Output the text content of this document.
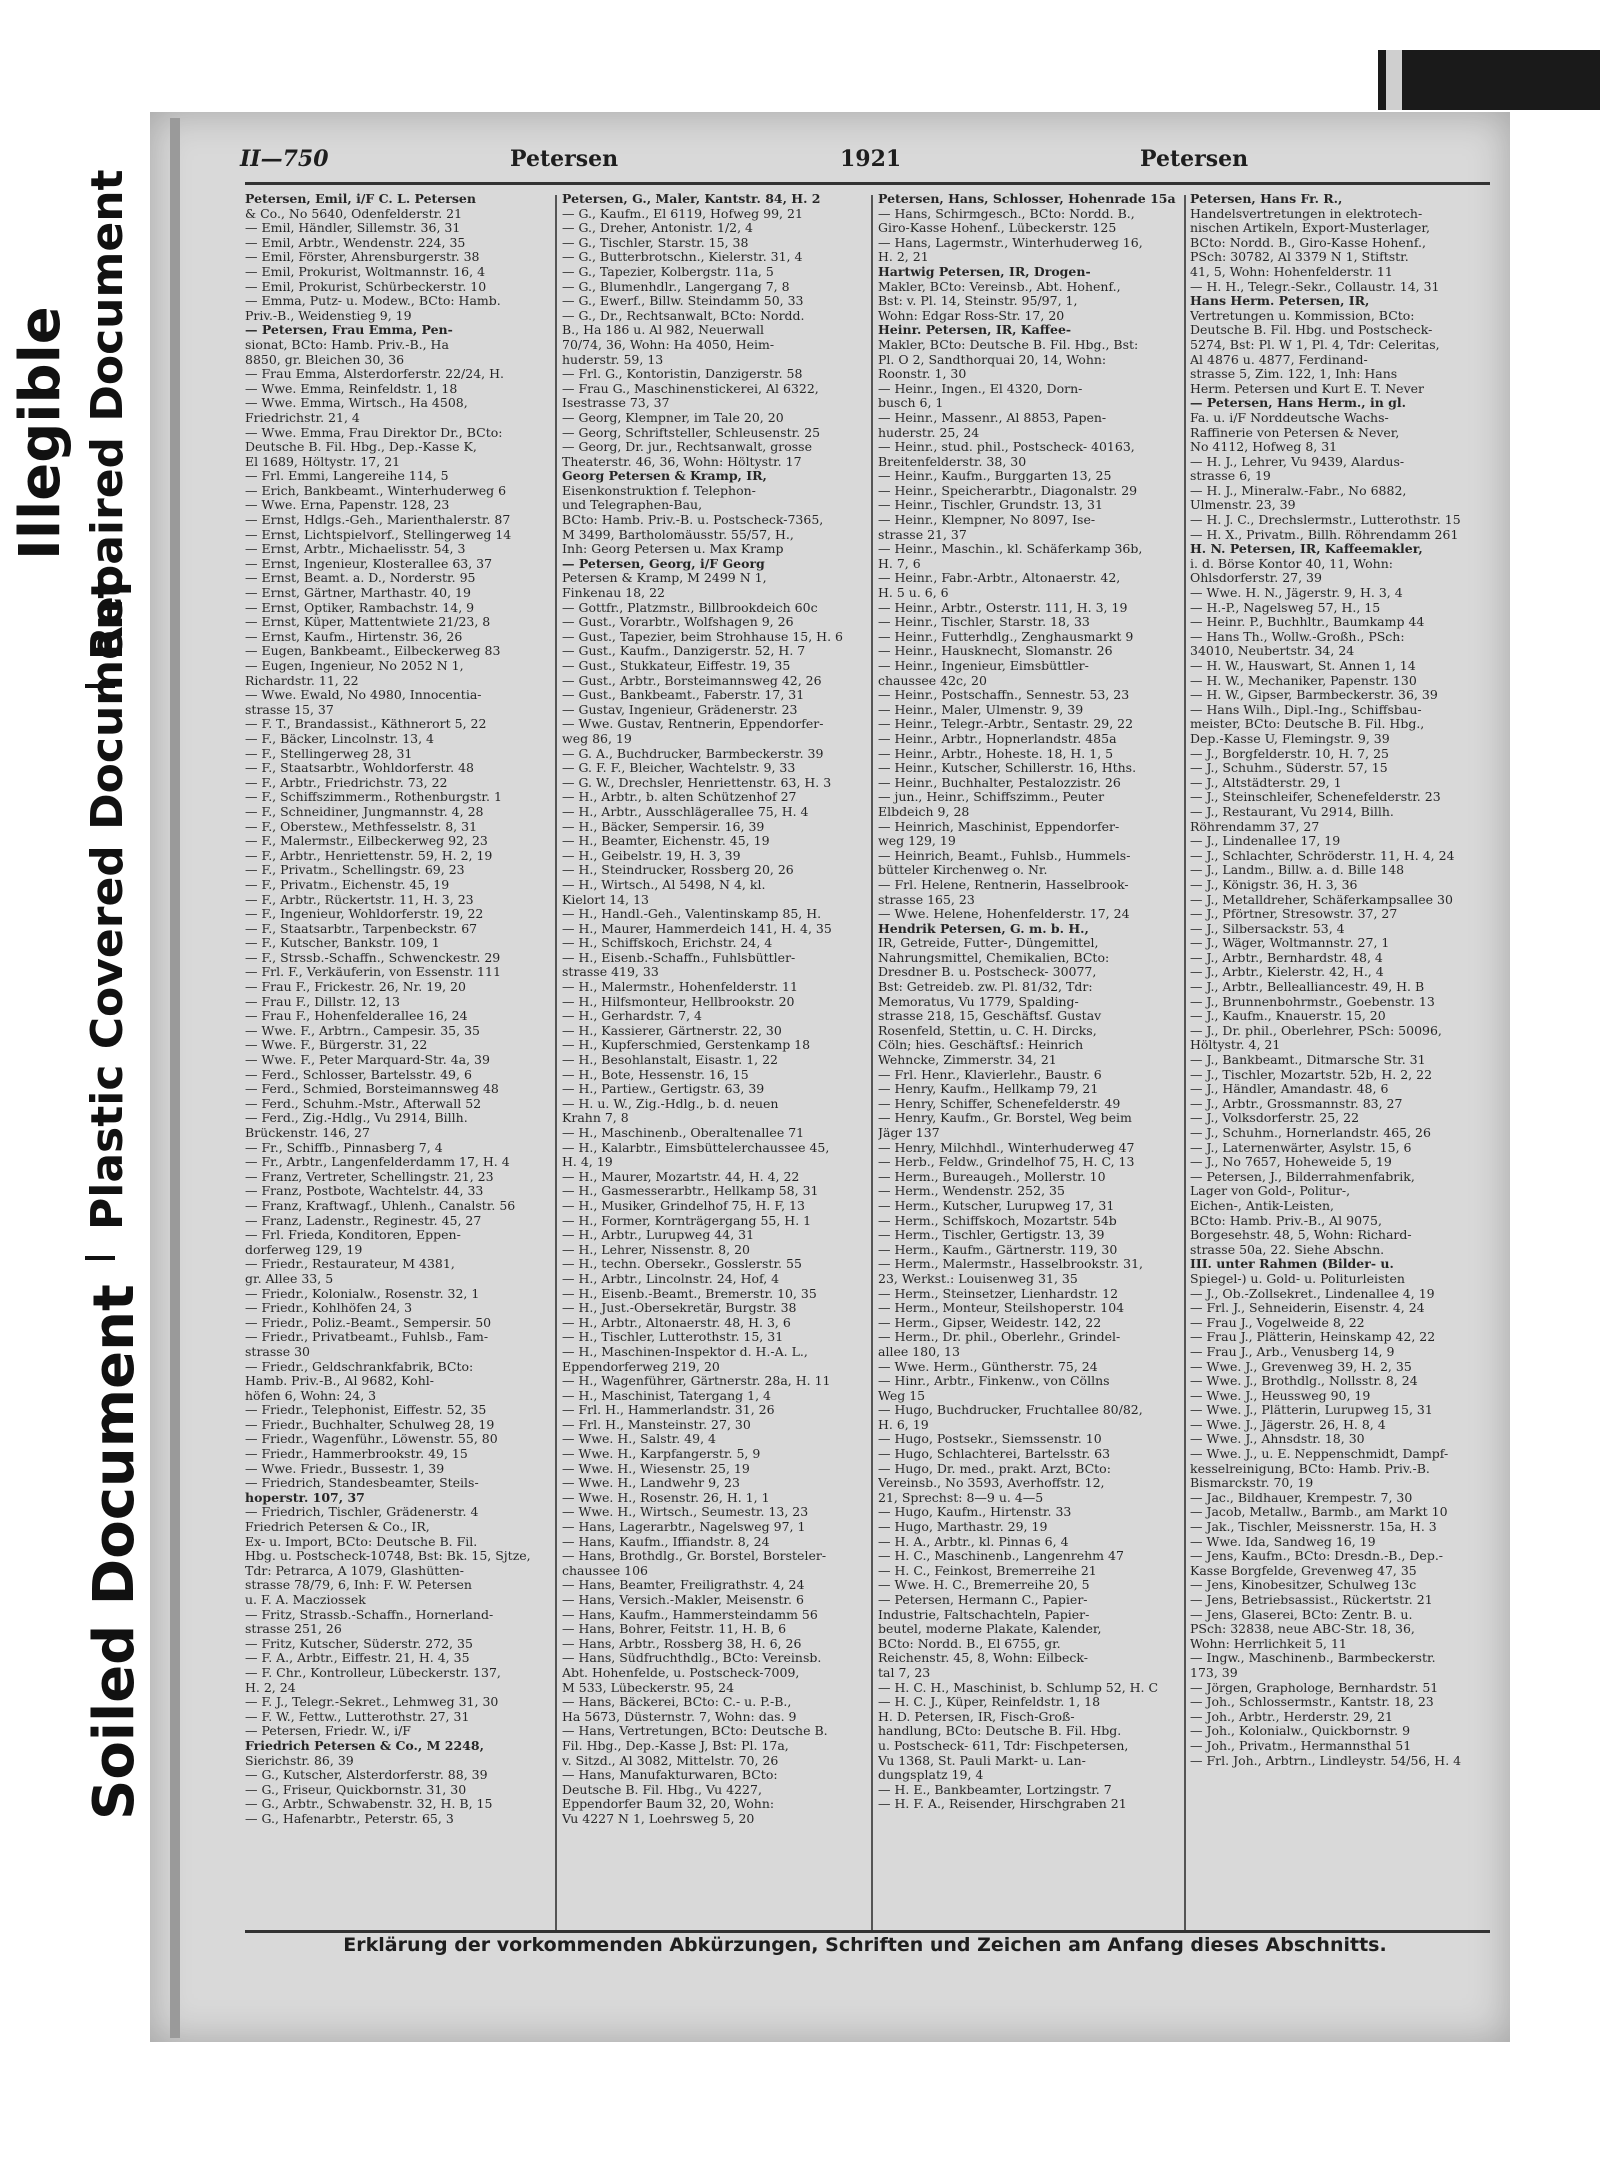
Illegible Repaired Document
Plastic Covered Document
Soiled Document
II—750	Petersen	1921	Petersen
Petersen, Emil, i/F C. L. Petersen
& Co., No 5640, Odenfelderstr. 21
— Emil, Händler, Sillemstr. 36, 31
— Emil, Arbtr., Wendenstr. 224, 35
— Emil, Förster, Ahrensburgerstr. 38
— Emil, Prokurist, Woltmannstr. 16, 4
— Emil, Prokurist, Schürbeckerstr. 10
— Emma, Putz- u. Modew., BCto: Hamb.
Priv.-B., Weidenstieg 9, 19
— Petersen, Frau Emma, Pen-
sionat, BCto: Hamb. Priv.-B., Ha
8850, gr. Bleichen 30, 36
— Frau Emma, Alsterdorferstr. 22/24, H.
— Wwe. Emma, Reinfeldstr. 1, 18
— Wwe. Emma, Wirtsch., Ha 4508,
Friedrichstr. 21, 4
— Wwe. Emma, Frau Direktor Dr., BCto:
Deutsche B. Fil. Hbg., Dep.-Kasse K,
El 1689, Höltystr. 17, 21
— Frl. Emmi, Langereihe 114, 5
— Erich, Bankbeamt., Winterhuderweg 6
— Wwe. Erna, Papenstr. 128, 23
— Ernst, Hdlgs.-Geh., Marienthalerstr. 87
— Ernst, Lichtspielvorf., Stellingerweg 14
— Ernst, Arbtr., Michaelisstr. 54, 3
— Ernst, Ingenieur, Klosterallee 63, 37
— Ernst, Beamt. a. D., Norderstr. 95
— Ernst, Gärtner, Marthastr. 40, 19
— Ernst, Optiker, Rambachstr. 14, 9
— Ernst, Küper, Mattentwiete 21/23, 8
— Ernst, Kaufm., Hirtenstr. 36, 26
— Eugen, Bankbeamt., Eilbeckerweg 83
— Eugen, Ingenieur, No 2052 N 1,
Richardstr. 11, 22
— Wwe. Ewald, No 4980, Innocentia-
strasse 15, 37
— F. T., Brandassist., Käthnerort 5, 22
— F., Bäcker, Lincolnstr. 13, 4
— F., Stellingerweg 28, 31
— F., Staatsarbtr., Wohldorferstr. 48
— F., Arbtr., Friedrichstr. 73, 22
— F., Schiffszimmerm., Rothenburgstr. 1
— F., Schneidiner, Jungmannstr. 4, 28
— F., Oberstew., Methfesselstr. 8, 31
— F., Malermstr., Eilbeckerweg 92, 23
— F., Arbtr., Henriettenstr. 59, H. 2, 19
— F., Privatm., Schellingstr. 69, 23
— F., Privatm., Eichenstr. 45, 19
— F., Arbtr., Rückertstr. 11, H. 3, 23
— F., Ingenieur, Wohldorferstr. 19, 22
— F., Staatsarbtr., Tarpenbeckstr. 67
— F., Kutscher, Bankstr. 109, 1
— F., Strssb.-Schaffn., Schwenckestr. 29
— Frl. F., Verkäuferin, von Essenstr. 111
— Frau F., Frickestr. 26, Nr. 19, 20
— Frau F., Dillstr. 12, 13
— Frau F., Hohenfelderallee 16, 24
— Wwe. F., Arbtrn., Campesir. 35, 35
— Wwe. F., Bürgerstr. 31, 22
— Wwe. F., Peter Marquard-Str. 4a, 39
— Ferd., Schlosser, Bartelsstr. 49, 6
— Ferd., Schmied, Borsteimannsweg 48
— Ferd., Schuhm.-Mstr., Afterwall 52
— Ferd., Zig.-Hdlg., Vu 2914, Billh.
Brückenstr. 146, 27
— Fr., Schiffb., Pinnasberg 7, 4
— Fr., Arbtr., Langenfelderdamm 17, H. 4
— Franz, Vertreter, Schellingstr. 21, 23
— Franz, Postbote, Wachtelstr. 44, 33
— Franz, Kraftwagf., Uhlenh., Canalstr. 56
— Franz, Ladenstr., Reginestr. 45, 27
— Frl. Frieda, Konditoren, Eppen-
dorferweg 129, 19
— Friedr., Restaurateur, M 4381,
gr. Allee 33, 5
— Friedr., Kolonialw., Rosenstr. 32, 1
— Friedr., Kohlhöfen 24, 3
— Friedr., Poliz.-Beamt., Sempersir. 50
— Friedr., Privatbeamt., Fuhlsb., Fam-
strasse 30
— Friedr., Geldschrankfabrik, BCto:
Hamb. Priv.-B., Al 9682, Kohl-
höfen 6, Wohn: 24, 3
— Friedr., Telephonist, Eiffestr. 52, 35
— Friedr., Buchhalter, Schulweg 28, 19
— Friedr., Wagenführ., Löwenstr. 55, 80
— Friedr., Hammerbrookstr. 49, 15
— Wwe. Friedr., Bussestr. 1, 39
— Friedrich, Standesbeamter, Steils-
hoperstr. 107, 37
— Friedrich, Tischler, Grädenerstr. 4
Friedrich Petersen & Co., IR,
Ex- u. Import, BCto: Deutsche B. Fil.
Hbg. u. Postscheck-10748, Bst: Bk. 15, Sjtze,
Tdr: Petrarca, A 1079, Glashütten-
strasse 78/79, 6, Inh: F. W. Petersen
u. F. A. Macziossek
— Fritz, Strassb.-Schaffn., Hornerland-
strasse 251, 26
— Fritz, Kutscher, Süderstr. 272, 35
— F. A., Arbtr., Eiffestr. 21, H. 4, 35
— F. Chr., Kontrolleur, Lübeckerstr. 137,
H. 2, 24
— F. J., Telegr.-Sekret., Lehmweg 31, 30
— F. W., Fettw., Lutterothstr. 27, 31
— Petersen, Friedr. W., i/F
Friedrich Petersen & Co., M 2248,
Sierichstr. 86, 39
— G., Kutscher, Alsterdorferstr. 88, 39
— G., Friseur, Quickbornstr. 31, 30
— G., Arbtr., Schwabenstr. 32, H. B, 15
— G., Hafenarbtr., Peterstr. 65, 3
Petersen, G., Maler, Kantstr. 84, H. 2
— G., Kaufm., El 6119, Hofweg 99, 21
— G., Dreher, Antonistr. 1/2, 4
— G., Tischler, Starstr. 15, 38
— G., Butterbrotschn., Kielerstr. 31, 4
— G., Tapezier, Kolbergstr. 11a, 5
— G., Blumenhdlr., Langergang 7, 8
— G., Ewerf., Billw. Steindamm 50, 33
— G., Dr., Rechtsanwalt, BCto: Nordd.
B., Ha 186 u. Al 982, Neuerwall
70/74, 36, Wohn: Ha 4050, Heim-
huderstr. 59, 13
— Frl. G., Kontoristin, Danzigerstr. 58
— Frau G., Maschinenstickerei, Al 6322,
Isestrasse 73, 37
— Georg, Klempner, im Tale 20, 20
— Georg, Schriftsteller, Schleusenstr. 25
— Georg, Dr. jur., Rechtsanwalt, grosse
Theaterstr. 46, 36, Wohn: Höltystr. 17
Georg Petersen & Kramp, IR,
Eisenkonstruktion f. Telephon-
und Telegraphen-Bau,
BCto: Hamb. Priv.-B. u. Postscheck-7365,
M 3499, Bartholomäusstr. 55/57, H.,
Inh: Georg Petersen u. Max Kramp
— Petersen, Georg, i/F Georg
Petersen & Kramp, M 2499 N 1,
Finkenau 18, 22
— Gottfr., Platzmstr., Billbrookdeich 60c
— Gust., Vorarbtr., Wolfshagen 9, 26
— Gust., Tapezier, beim Strohhause 15, H. 6
— Gust., Kaufm., Danzigerstr. 52, H. 7
— Gust., Stukkateur, Eiffestr. 19, 35
— Gust., Arbtr., Borsteimannsweg 42, 26
— Gust., Bankbeamt., Faberstr. 17, 31
— Gustav, Ingenieur, Grädenerstr. 23
— Wwe. Gustav, Rentnerin, Eppendorfer-
weg 86, 19
— G. A., Buchdrucker, Barmbeckerstr. 39
— G. F. F., Bleicher, Wachtelstr. 9, 33
— G. W., Drechsler, Henriettenstr. 63, H. 3
— H., Arbtr., b. alten Schützenhof 27
— H., Arbtr., Ausschlägerallee 75, H. 4
— H., Bäcker, Sempersir. 16, 39
— H., Beamter, Eichenstr. 45, 19
— H., Geibelstr. 19, H. 3, 39
— H., Steindrucker, Rossberg 20, 26
— H., Wirtsch., Al 5498, N 4, kl.
Kielort 14, 13
— H., Handl.-Geh., Valentinskamp 85, H.
— H., Maurer, Hammerdeich 141, H. 4, 35
— H., Schiffskoch, Erichstr. 24, 4
— H., Eisenb.-Schaffn., Fuhlsbüttler-
strasse 419, 33
— H., Malermstr., Hohenfelderstr. 11
— H., Hilfsmonteur, Hellbrookstr. 20
— H., Gerhardstr. 7, 4
— H., Kassierer, Gärtnerstr. 22, 30
— H., Kupferschmied, Gerstenkamp 18
— H., Besohlanstalt, Eisastr. 1, 22
— H., Bote, Hessenstr. 16, 15
— H., Partiew., Gertigstr. 63, 39
— H. u. W., Zig.-Hdlg., b. d. neuen
Krahn 7, 8
— H., Maschinenb., Oberaltenallee 71
— H., Kalarbtr., Eimsbüttelerchaussee 45,
H. 4, 19
— H., Maurer, Mozartstr. 44, H. 4, 22
— H., Gasmesserarbtr., Hellkamp 58, 31
— H., Musiker, Grindelhof 75, H. F, 13
— H., Former, Kornträgergang 55, H. 1
— H., Arbtr., Lurupweg 44, 31
— H., Lehrer, Nissenstr. 8, 20
— H., techn. Obersekr., Gosslerstr. 55
— H., Arbtr., Lincolnstr. 24, Hof, 4
— H., Eisenb.-Beamt., Bremerstr. 10, 35
— H., Just.-Obersekretär, Burgstr. 38
— H., Arbtr., Altonaerstr. 48, H. 3, 6
— H., Tischler, Lutterothstr. 15, 31
— H., Maschinen-Inspektor d. H.-A. L.,
Eppendorferweg 219, 20
— H., Wagenführer, Gärtnerstr. 28a, H. 11
— H., Maschinist, Tatergang 1, 4
— Frl. H., Hammerlandstr. 31, 26
— Frl. H., Mansteinstr. 27, 30
— Wwe. H., Salstr. 49, 4
— Wwe. H., Karpfangerstr. 5, 9
— Wwe. H., Wiesenstr. 25, 19
— Wwe. H., Landwehr 9, 23
— Wwe. H., Rosenstr. 26, H. 1, 1
— Wwe. H., Wirtsch., Seumestr. 13, 23
— Hans, Lagerarbtr., Nagelsweg 97, 1
— Hans, Kaufm., Iffiandstr. 8, 24
— Hans, Brothdlg., Gr. Borstel, Borsteler-
chaussee 106
— Hans, Beamter, Freiligrathstr. 4, 24
— Hans, Versich.-Makler, Meisenstr. 6
— Hans, Kaufm., Hammersteindamm 56
— Hans, Bohrer, Feitstr. 11, H. B, 6
— Hans, Arbtr., Rossberg 38, H. 6, 26
— Hans, Südfruchthdlg., BCto: Vereinsb.
Abt. Hohenfelde, u. Postscheck-7009,
M 533, Lübeckerstr. 95, 24
— Hans, Bäckerei, BCto: C.- u. P.-B.,
Ha 5673, Düsternstr. 7, Wohn: das. 9
— Hans, Vertretungen, BCto: Deutsche B.
Fil. Hbg., Dep.-Kasse J, Bst: Pl. 17a,
v. Sitzd., Al 3082, Mittelstr. 70, 26
— Hans, Manufakturwaren, BCto:
Deutsche B. Fil. Hbg., Vu 4227,
Eppendorfer Baum 32, 20, Wohn:
Vu 4227 N 1, Loehrsweg 5, 20
Petersen, Hans, Schlosser, Hohenrade 15a
— Hans, Schirmgesch., BCto: Nordd. B.,
Giro-Kasse Hohenf., Lübeckerstr. 125
— Hans, Lagermstr., Winterhuderweg 16,
H. 2, 21
Hartwig Petersen, IR, Drogen-
Makler, BCto: Vereinsb., Abt. Hohenf.,
Bst: v. Pl. 14, Steinstr. 95/97, 1,
Wohn: Edgar Ross-Str. 17, 20
Heinr. Petersen, IR, Kaffee-
Makler, BCto: Deutsche B. Fil. Hbg., Bst:
Pl. O 2, Sandthorquai 20, 14, Wohn:
Roonstr. 1, 30
— Heinr., Ingen., El 4320, Dorn-
busch 6, 1
— Heinr., Massenr., Al 8853, Papen-
huderstr. 25, 24
— Heinr., stud. phil., Postscheck- 40163,
Breitenfelderstr. 38, 30
— Heinr., Kaufm., Burggarten 13, 25
— Heinr., Speicherarbtr., Diagonalstr. 29
— Heinr., Tischler, Grundstr. 13, 31
— Heinr., Klempner, No 8097, Ise-
strasse 21, 37
— Heinr., Maschin., kl. Schäferkamp 36b,
H. 7, 6
— Heinr., Fabr.-Arbtr., Altonaerstr. 42,
H. 5 u. 6, 6
— Heinr., Arbtr., Osterstr. 111, H. 3, 19
— Heinr., Tischler, Starstr. 18, 33
— Heinr., Futterhdlg., Zenghausmarkt 9
— Heinr., Hausknecht, Slomanstr. 26
— Heinr., Ingenieur, Eimsbüttler-
chaussee 42c, 20
— Heinr., Postschaffn., Sennestr. 53, 23
— Heinr., Maler, Ulmenstr. 9, 39
— Heinr., Telegr.-Arbtr., Sentastr. 29, 22
— Heinr., Arbtr., Hopnerlandstr. 485a
— Heinr., Arbtr., Hoheste. 18, H. 1, 5
— Heinr., Kutscher, Schillerstr. 16, Hths.
— Heinr., Buchhalter, Pestalozzistr. 26
— jun., Heinr., Schiffszimm., Peuter
Elbdeich 9, 28
— Heinrich, Maschinist, Eppendorfer-
weg 129, 19
— Heinrich, Beamt., Fuhlsb., Hummels-
bütteler Kirchenweg o. Nr.
— Frl. Helene, Rentnerin, Hasselbrook-
strasse 165, 23
— Wwe. Helene, Hohenfelderstr. 17, 24
Hendrik Petersen, G. m. b. H.,
IR, Getreide, Futter-, Düngemittel,
Nahrungsmittel, Chemikalien, BCto:
Dresdner B. u. Postscheck- 30077,
Bst: Getreideb. zw. Pl. 81/32, Tdr:
Memoratus, Vu 1779, Spalding-
strasse 218, 15, Geschäftsf. Gustav
Rosenfeld, Stettin, u. C. H. Dircks,
Cöln; hies. Geschäftsf.: Heinrich
Wehncke, Zimmerstr. 34, 21
— Frl. Henr., Klavierlehr., Baustr. 6
— Henry, Kaufm., Hellkamp 79, 21
— Henry, Schiffer, Schenefelderstr. 49
— Henry, Kaufm., Gr. Borstel, Weg beim
Jäger 137
— Henry, Milchhdl., Winterhuderweg 47
— Herb., Feldw., Grindelhof 75, H. C, 13
— Herm., Bureaugeh., Mollerstr. 10
— Herm., Wendenstr. 252, 35
— Herm., Kutscher, Lurupweg 17, 31
— Herm., Schiffskoch, Mozartstr. 54b
— Herm., Tischler, Gertigstr. 13, 39
— Herm., Kaufm., Gärtnerstr. 119, 30
— Herm., Malermstr., Hasselbrookstr. 31,
23, Werkst.: Louisenweg 31, 35
— Herm., Steinsetzer, Lienhardstr. 12
— Herm., Monteur, Steilshoperstr. 104
— Herm., Gipser, Weidestr. 142, 22
— Herm., Dr. phil., Oberlehr., Grindel-
allee 180, 13
— Wwe. Herm., Güntherstr. 75, 24
— Hinr., Arbtr., Finkenw., von Cöllns
Weg 15
— Hugo, Buchdrucker, Fruchtallee 80/82,
H. 6, 19
— Hugo, Postsekr., Siemssenstr. 10
— Hugo, Schlachterei, Bartelsstr. 63
— Hugo, Dr. med., prakt. Arzt, BCto:
Vereinsb., No 3593, Averhoffstr. 12,
21, Sprechst: 8—9 u. 4—5
— Hugo, Kaufm., Hirtenstr. 33
— Hugo, Marthastr. 29, 19
— H. A., Arbtr., kl. Pinnas 6, 4
— H. C., Maschinenb., Langenrehm 47
— H. C., Feinkost, Bremerreihe 21
— Wwe. H. C., Bremerreihe 20, 5
— Petersen, Hermann C., Papier-
Industrie, Faltschachteln, Papier-
beutel, moderne Plakate, Kalender,
BCto: Nordd. B., El 6755, gr.
Reichenstr. 45, 8, Wohn: Eilbeck-
tal 7, 23
— H. C. H., Maschinist, b. Schlump 52, H. C
— H. C. J., Küper, Reinfeldstr. 1, 18
H. D. Petersen, IR, Fisch-Groß-
handlung, BCto: Deutsche B. Fil. Hbg.
u. Postscheck- 611, Tdr: Fischpetersen,
Vu 1368, St. Pauli Markt- u. Lan-
dungsplatz 19, 4
— H. E., Bankbeamter, Lortzingstr. 7
— H. F. A., Reisender, Hirschgraben 21
Petersen, Hans Fr. R.,
Handelsvertretungen in elektrotech-
nischen Artikeln, Export-Musterlager,
BCto: Nordd. B., Giro-Kasse Hohenf.,
PSch: 30782, Al 3379 N 1, Stiftstr.
41, 5, Wohn: Hohenfelderstr. 11
— H. H., Telegr.-Sekr., Collaustr. 14, 31
Hans Herm. Petersen, IR,
Vertretungen u. Kommission, BCto:
Deutsche B. Fil. Hbg. und Postscheck-
5274, Bst: Pl. W 1, Pl. 4, Tdr: Celeritas,
Al 4876 u. 4877, Ferdinand-
strasse 5, Zim. 122, 1, Inh: Hans
Herm. Petersen und Kurt E. T. Never
— Petersen, Hans Herm., in gl.
Fa. u. i/F Norddeutsche Wachs-
Raffinerie von Petersen & Never,
No 4112, Hofweg 8, 31
— H. J., Lehrer, Vu 9439, Alardus-
strasse 6, 19
— H. J., Mineralw.-Fabr., No 6882,
Ulmenstr. 23, 39
— H. J. C., Drechslermstr., Lutterothstr. 15
— H. X., Privatm., Billh. Röhrendamm 261
H. N. Petersen, IR, Kaffeemakler,
i. d. Börse Kontor 40, 11, Wohn:
Ohlsdorferstr. 27, 39
— Wwe. H. N., Jägerstr. 9, H. 3, 4
— H.-P., Nagelsweg 57, H., 15
— Heinr. P., Buchhltr., Baumkamp 44
— Hans Th., Wollw.-Großh., PSch:
34010, Neubertstr. 34, 24
— H. W., Hauswart, St. Annen 1, 14
— H. W., Mechaniker, Papenstr. 130
— H. W., Gipser, Barmbeckerstr. 36, 39
— Hans Wilh., Dipl.-Ing., Schiffsbau-
meister, BCto: Deutsche B. Fil. Hbg.,
Dep.-Kasse U, Flemingstr. 9, 39
— J., Borgfelderstr. 10, H. 7, 25
— J., Schuhm., Süderstr. 57, 15
— J., Altstädterstr. 29, 1
— J., Steinschleifer, Schenefelderstr. 23
— J., Restaurant, Vu 2914, Billh.
Röhrendamm 37, 27
— J., Lindenallee 17, 19
— J., Schlachter, Schröderstr. 11, H. 4, 24
— J., Landm., Billw. a. d. Bille 148
— J., Königstr. 36, H. 3, 36
— J., Metalldreher, Schäferkampsallee 30
— J., Pförtner, Stresowstr. 37, 27
— J., Silbersackstr. 53, 4
— J., Wäger, Woltmannstr. 27, 1
— J., Arbtr., Bernhardstr. 48, 4
— J., Arbtr., Kielerstr. 42, H., 4
— J., Arbtr., Bellealliancestr. 49, H. B
— J., Brunnenbohrmstr., Goebenstr. 13
— J., Kaufm., Knauerstr. 15, 20
— J., Dr. phil., Oberlehrer, PSch: 50096,
Höltystr. 4, 21
— J., Bankbeamt., Ditmarsche Str. 31
— J., Tischler, Mozartstr. 52b, H. 2, 22
— J., Händler, Amandastr. 48, 6
— J., Arbtr., Grossmannstr. 83, 27
— J., Volksdorferstr. 25, 22
— J., Schuhm., Hornerlandstr. 465, 26
— J., Laternenwärter, Asylstr. 15, 6
— J., No 7657, Hoheweide 5, 19
— Petersen, J., Bilderrahmenfabrik,
Lager von Gold-, Politur-,
Eichen-, Antik-Leisten,
BCto: Hamb. Priv.-B., Al 9075,
Borgesehstr. 48, 5, Wohn: Richard-
strasse 50a, 22. Siehe Abschn.
III. unter Rahmen (Bilder- u.
Spiegel-) u. Gold- u. Politurleisten
— J., Ob.-Zollsekret., Lindenallee 4, 19
— Frl. J., Sehneiderin, Eisenstr. 4, 24
— Frau J., Vogelweide 8, 22
— Frau J., Plätterin, Heinskamp 42, 22
— Frau J., Arb., Venusberg 14, 9
— Wwe. J., Grevenweg 39, H. 2, 35
— Wwe. J., Brothdlg., Nollsstr. 8, 24
— Wwe. J., Heussweg 90, 19
— Wwe. J., Plätterin, Lurupweg 15, 31
— Wwe. J., Jägerstr. 26, H. 8, 4
— Wwe. J., Ahnsdstr. 18, 30
— Wwe. J., u. E. Neppenschmidt, Dampf-
kesselreinigung, BCto: Hamb. Priv.-B.
Bismarckstr. 70, 19
— Jac., Bildhauer, Krempestr. 7, 30
— Jacob, Metallw., Barmb., am Markt 10
— Jak., Tischler, Meissnerstr. 15a, H. 3
— Wwe. Ida, Sandweg 16, 19
— Jens, Kaufm., BCto: Dresdn.-B., Dep.-
Kasse Borgfelde, Grevenweg 47, 35
— Jens, Kinobesitzer, Schulweg 13c
— Jens, Betriebsassist., Rückertstr. 21
— Jens, Glaserei, BCto: Zentr. B. u.
PSch: 32838, neue ABC-Str. 18, 36,
Wohn: Herrlichkeit 5, 11
— Ingw., Maschinenb., Barmbeckerstr.
173, 39
— Jörgen, Graphologe, Bernhardstr. 51
— Joh., Schlossermstr., Kantstr. 18, 23
— Joh., Arbtr., Herderstr. 29, 21
— Joh., Kolonialw., Quickbornstr. 9
— Joh., Privatm., Hermannsthal 51
— Frl. Joh., Arbtrn., Lindleystr. 54/56, H. 4
Erklärung der vorkommenden Abkürzungen, Schriften und Zeichen am Anfang dieses Abschnitts.
